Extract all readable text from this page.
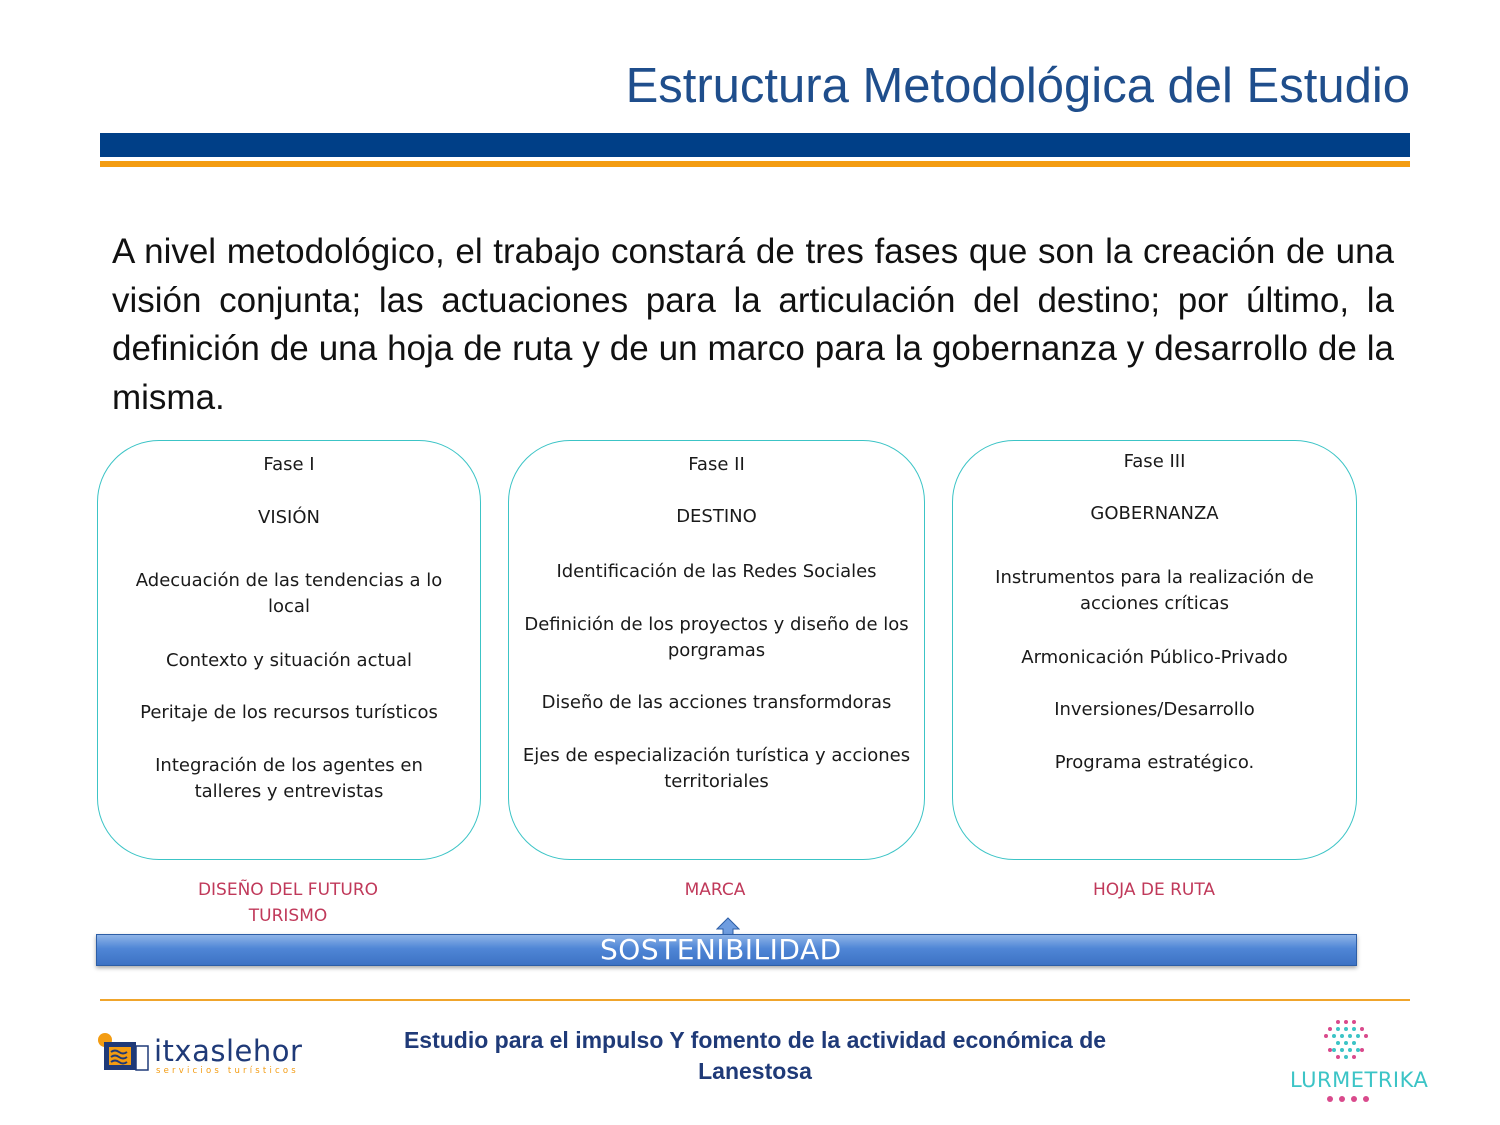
Estructura Metodológica del Estudio
A nivel metodológico, el trabajo constará de tres fases que son la creación de una visión conjunta; las actuaciones para la articulación del destino; por último, la definición de una hoja de ruta y de un marco para la gobernanza y desarrollo de la misma.

Fase I

VISIÓN

Adecuación de las tendencias a lo local

Contexto y situación actual

Peritaje de los recursos turísticos

Integración de los agentes en talleres y entrevistas

Fase II

DESTINO

Identificación de las Redes Sociales

Definición de los proyectos y diseño de los porgramas

Diseño de las acciones transformdoras

Ejes de especialización turística y acciones territoriales

Fase III

GOBERNANZA

Instrumentos para la realización de acciones críticas

Armonicación Público-Privado

Inversiones/Desarrollo

Programa estratégico.

DISEÑO DEL FUTURO TURISMO
MARCA	HOJA DE RUTA
SOSTENIBILIDAD
itxaslehor
servicios turísticos
Estudio para el impulso Y fomento de la actividad económica de Lanestosa	LURMETRIKA
